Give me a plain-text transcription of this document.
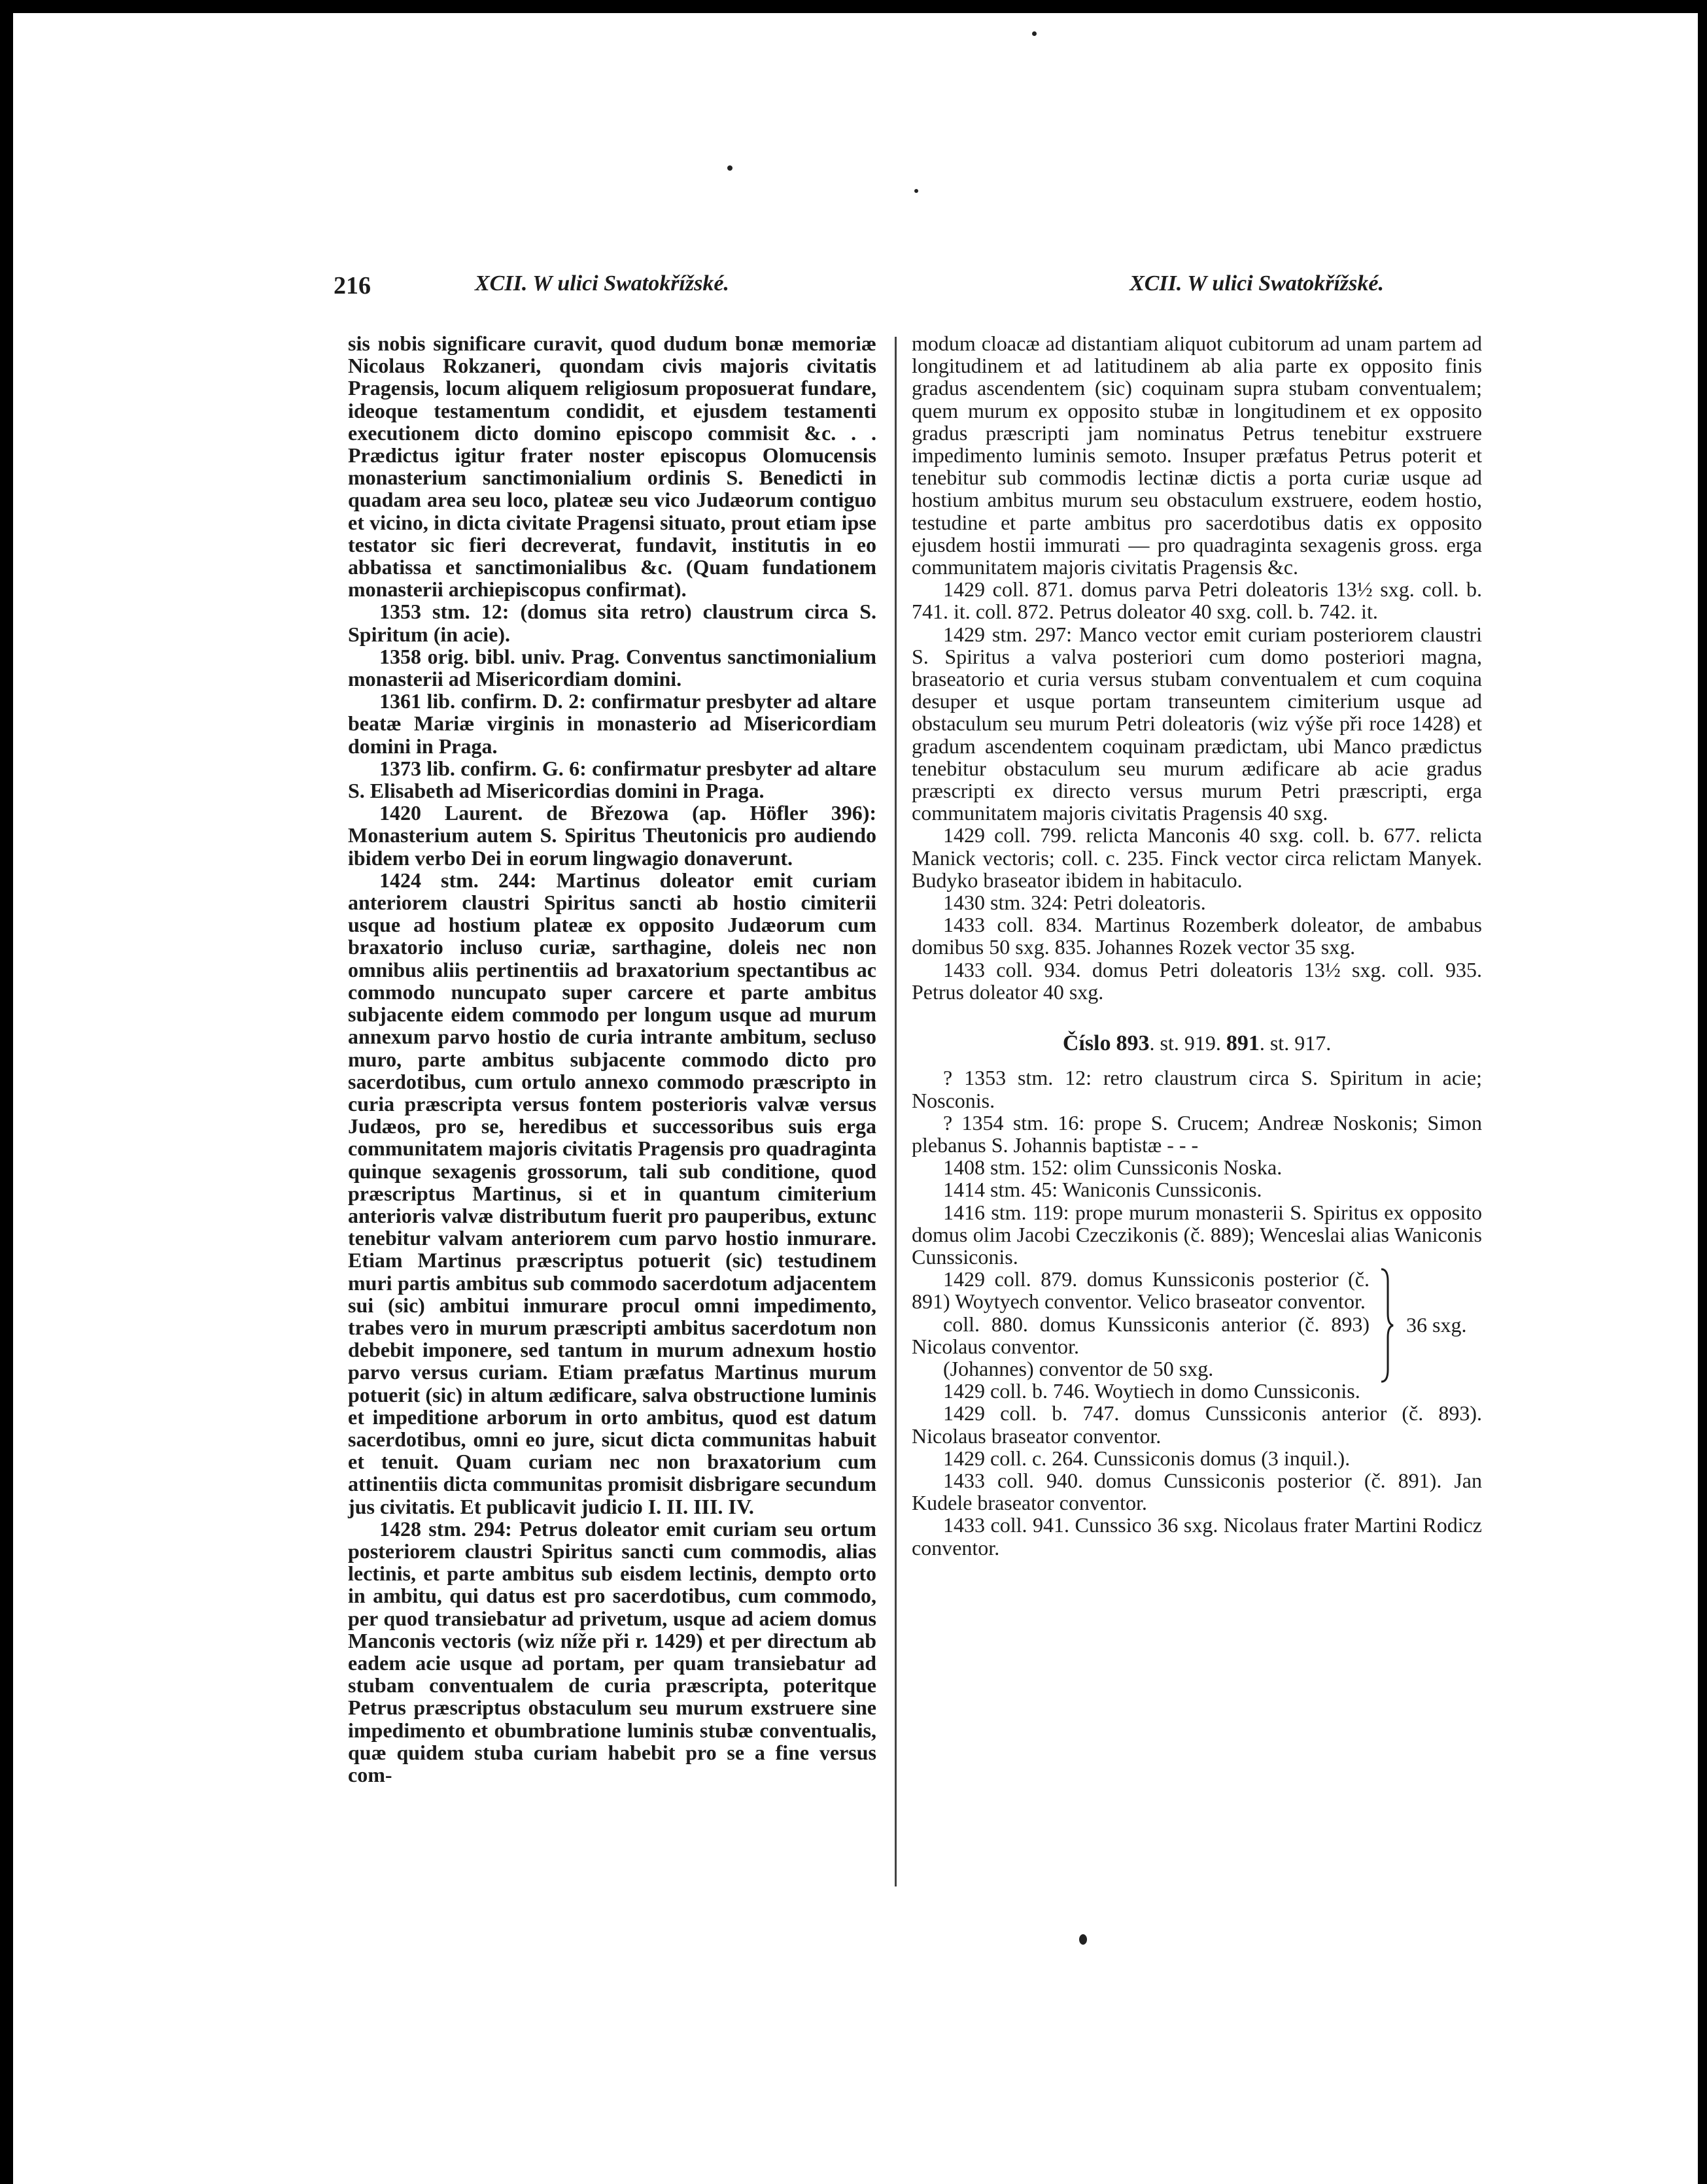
216	XCII. W ulici Swatokřížské.	XCII. W ulici Swatokřížské.

sis nobis significare curavit, quod dudum bonæ memoriæ Nicolaus Rokzaneri, quondam civis majoris civitatis Pragensis, locum aliquem religiosum proposuerat fundare, ideoque testamentum condidit, et ejusdem testamenti executionem dicto domino episcopo commisit &c. . . Prædictus igitur frater noster episcopus Olomucensis monasterium sanctimonialium ordinis S. Benedicti in quadam area seu loco, plateæ seu vico Judæorum contiguo et vicino, in dicta civitate Pragensi situato, prout etiam ipse testator sic fieri decreverat, fundavit, institutis in eo abbatissa et sanctimonialibus &c. (Quam fundationem monasterii archiepiscopus confirmat).

1353 stm. 12: (domus sita retro) claustrum circa S. Spiritum (in acie).

1358 orig. bibl. univ. Prag. Conventus sanctimonialium monasterii ad Misericordiam domini.

1361 lib. confirm. D. 2: confirmatur presbyter ad altare beatæ Mariæ virginis in monasterio ad Misericordiam domini in Praga.

1373 lib. confirm. G. 6: confirmatur presbyter ad altare S. Elisabeth ad Misericordias domini in Praga.

1420 Laurent. de Březowa (ap. Höfler 396): Monasterium autem S. Spiritus Theutonicis pro audiendo ibidem verbo Dei in eorum lingwagio donaverunt.

1424 stm. 244: Martinus doleator emit curiam anteriorem claustri Spiritus sancti ab hostio cimiterii usque ad hostium plateæ ex opposito Judæorum cum braxatorio incluso curiæ, sarthagine, doleis nec non omnibus aliis pertinentiis ad braxatorium spectantibus ac commodo nuncupato super carcere et parte ambitus subjacente eidem commodo per longum usque ad murum annexum parvo hostio de curia intrante ambitum, secluso muro, parte ambitus subjacente commodo dicto pro sacerdotibus, cum ortulo annexo commodo præscripto in curia præscripta versus fontem posterioris valvæ versus Judæos, pro se, heredibus et successoribus suis erga communitatem majoris civitatis Pragensis pro quadraginta quinque sexagenis grossorum, tali sub conditione, quod præscriptus Martinus, si et in quantum cimiterium anterioris valvæ distributum fuerit pro pauperibus, extunc tenebitur valvam anteriorem cum parvo hostio inmurare. Etiam Martinus præscriptus potuerit (sic) testudinem muri partis ambitus sub commodo sacerdotum adjacentem sui (sic) ambitui inmurare procul omni impedimento, trabes vero in murum præscripti ambitus sacerdotum non debebit imponere, sed tantum in murum adnexum hostio parvo versus curiam. Etiam præfatus Martinus murum potuerit (sic) in altum ædificare, salva obstructione luminis et impeditione arborum in orto ambitus, quod est datum sacerdotibus, omni eo jure, sicut dicta communitas habuit et tenuit. Quam curiam nec non braxatorium cum attinentiis dicta communitas promisit disbrigare secundum jus civitatis. Et publicavit judicio I. II. III. IV.

1428 stm. 294: Petrus doleator emit curiam seu ortum posteriorem claustri Spiritus sancti cum commodis, alias lectinis, et parte ambitus sub eisdem lectinis, dempto orto in ambitu, qui datus est pro sacerdotibus, cum commodo, per quod transiebatur ad privetum, usque ad aciem domus Manconis vectoris (wiz níže při r. 1429) et per directum ab eadem acie usque ad portam, per quam transiebatur ad stubam conventualem de curia præscripta, poteritque Petrus præscriptus obstaculum seu murum exstruere sine impedimento et obumbratione luminis stubæ conventualis, quæ quidem stuba curiam habebit pro se a fine versus com-

modum cloacæ ad distantiam aliquot cubitorum ad unam partem ad longitudinem et ad latitudinem ab alia parte ex opposito finis gradus ascendentem (sic) coquinam supra stubam conventualem; quem murum ex opposito stubæ in longitudinem et ex opposito gradus præscripti jam nominatus Petrus tenebitur exstruere impedimento luminis semoto. Insuper præfatus Petrus poterit et tenebitur sub commodis lectinæ dictis a porta curiæ usque ad hostium ambitus murum seu obstaculum exstruere, eodem hostio, testudine et parte ambitus pro sacerdotibus datis ex opposito ejusdem hostii immurati — pro quadraginta sexagenis gross. erga communitatem majoris civitatis Pragensis &c.

1429 coll. 871. domus parva Petri doleatoris 13½ sxg. coll. b. 741. it. coll. 872. Petrus doleator 40 sxg. coll. b. 742. it.

1429 stm. 297: Manco vector emit curiam posteriorem claustri S. Spiritus a valva posteriori cum domo posteriori magna, braseatorio et curia versus stubam conventualem et cum coquina desuper et usque portam transeuntem cimiterium usque ad obstaculum seu murum Petri doleatoris (wiz výše při roce 1428) et gradum ascendentem coquinam prædictam, ubi Manco prædictus tenebitur obstaculum seu murum ædificare ab acie gradus præscripti ex directo versus murum Petri præscripti, erga communitatem majoris civitatis Pragensis 40 sxg.

1429 coll. 799. relicta Manconis 40 sxg. coll. b. 677. relicta Manick vectoris; coll. c. 235. Finck vector circa relictam Manyek. Budyko braseator ibidem in habitaculo.

1430 stm. 324: Petri doleatoris.

1433 coll. 834. Martinus Rozemberk doleator, de ambabus domibus 50 sxg. 835. Johannes Rozek vector 35 sxg.

1433 coll. 934. domus Petri doleatoris 13½ sxg. coll. 935. Petrus doleator 40 sxg.

Číslo 893. st. 919. 891. st. 917.

? 1353 stm. 12: retro claustrum circa S. Spiritum in acie; Nosconis.

? 1354 stm. 16: prope S. Crucem; Andreæ Noskonis; Simon plebanus S. Johannis baptistæ - - -

1408 stm. 152: olim Cunssiconis Noska.

1414 stm. 45: Waniconis Cunssiconis.

1416 stm. 119: prope murum monasterii S. Spiritus ex opposito domus olim Jacobi Czeczikonis (č. 889); Wenceslai alias Waniconis Cunssiconis.

1429 coll. 879. domus Kunssiconis posterior (č. 891) Woytyech conventor. Velico braseator conventor.

coll. 880. domus Kunssiconis anterior (č. 893) Nicolaus conventor.

36 sxg.

(Johannes) conventor de 50 sxg.

1429 coll. b. 746. Woytiech in domo Cunssiconis.

1429 coll. b. 747. domus Cunssiconis anterior (č. 893). Nicolaus braseator conventor.

1429 coll. c. 264. Cunssiconis domus (3 inquil.).

1433 coll. 940. domus Cunssiconis posterior (č. 891). Jan Kudele braseator conventor.

1433 coll. 941. Cunssico 36 sxg. Nicolaus frater Martini Rodicz conventor.
